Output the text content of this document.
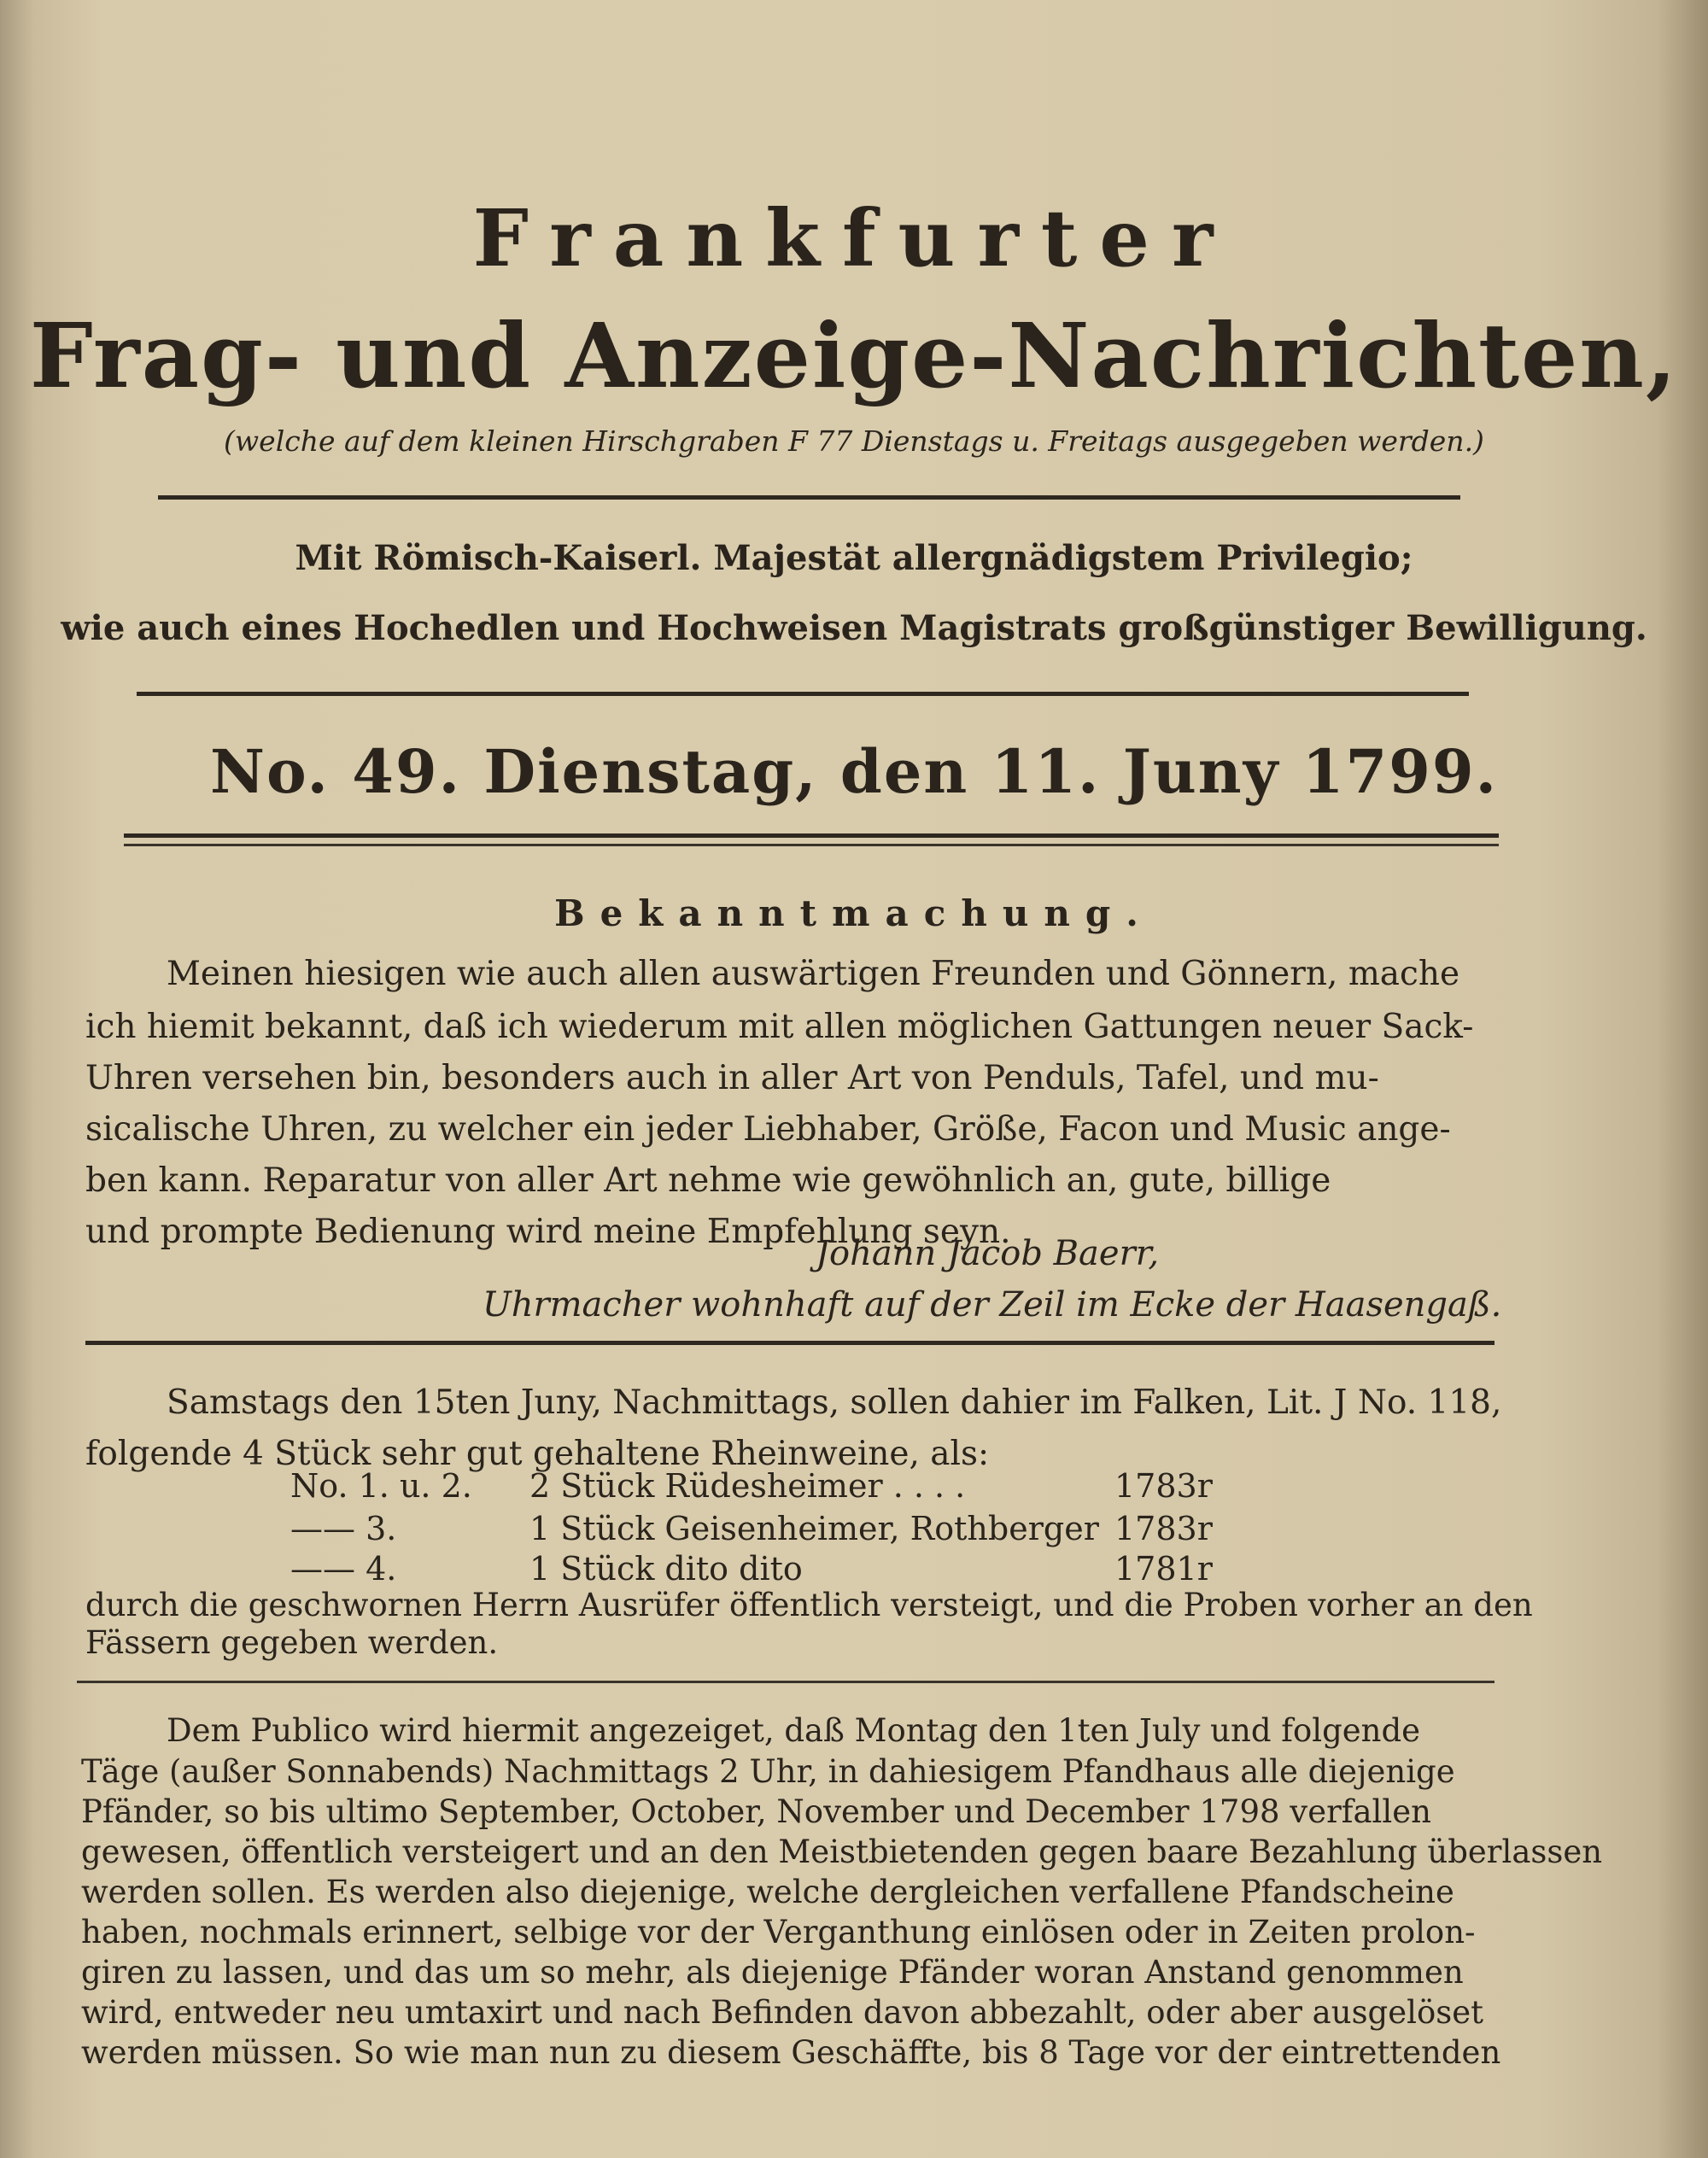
Frankfurter
Frag- und Anzeige-Nachrichten,
(welche auf dem kleinen Hirschgraben F 77 Dienstags u. Freitags ausgegeben werden.)
Mit Römisch-Kaiserl. Majestät allergnädigstem Privilegio;
wie auch eines Hochedlen und Hochweisen Magistrats großgünstiger Bewilligung.
No. 49. Dienstag, den 11. Juny 1799.
Bekanntmachung.
Meinen hiesigen wie auch allen auswärtigen Freunden und Gönnern, mache
ich hiemit bekannt, daß ich wiederum mit allen möglichen Gattungen neuer Sack-
Uhren versehen bin, besonders auch in aller Art von Penduls, Tafel, und mu-
sicalische Uhren, zu welcher ein jeder Liebhaber, Größe, Facon und Music ange-
ben kann. Reparatur von aller Art nehme wie gewöhnlich an, gute, billige
und prompte Bedienung wird meine Empfehlung seyn.
Johann Jacob Baerr,
Uhrmacher wohnhaft auf der Zeil im Ecke der Haasengaß.
Samstags den 15ten Juny, Nachmittags, sollen dahier im Falken, Lit. J No. 118,
folgende 4 Stück sehr gut gehaltene Rheinweine, als:
No. 1. u. 2. 2 Stück Rüdesheimer . . . .	1783r
—— 3.	1 Stück Geisenheimer, Rothberger 1783r
—— 4.	1 Stück dito dito	1781r
durch die geschwornen Herrn Ausrüfer öffentlich versteigt, und die Proben vorher an den
Fässern gegeben werden.
Dem Publico wird hiermit angezeiget, daß Montag den 1ten July und folgende
Täge (außer Sonnabends) Nachmittags 2 Uhr, in dahiesigem Pfandhaus alle diejenige
Pfänder, so bis ultimo September, October, November und December 1798 verfallen
gewesen, öffentlich versteigert und an den Meistbietenden gegen baare Bezahlung überlassen
werden sollen. Es werden also diejenige, welche dergleichen verfallene Pfandscheine
haben, nochmals erinnert, selbige vor der Verganthung einlösen oder in Zeiten prolon-
giren zu lassen, und das um so mehr, als diejenige Pfänder woran Anstand genommen
wird, entweder neu umtaxirt und nach Befinden davon abbezahlt, oder aber ausgelöset
werden müssen. So wie man nun zu diesem Geschäffte, bis 8 Tage vor der eintrettenden
